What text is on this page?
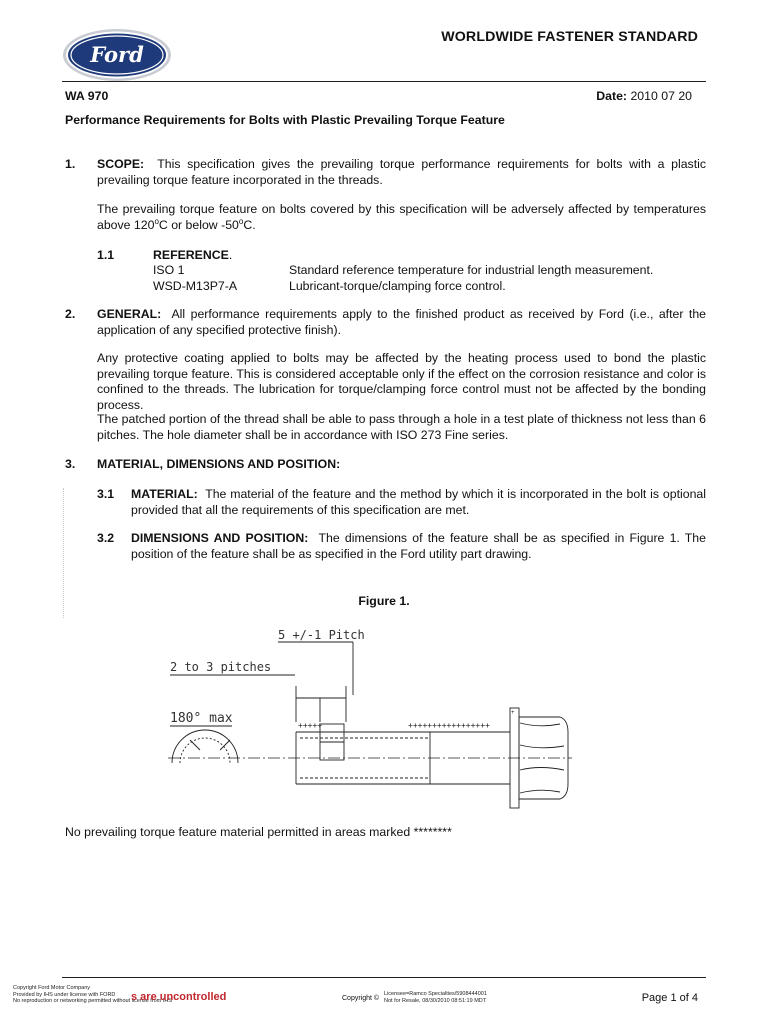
Ford
WORLDWIDE FASTENER STANDARD
WA 970	Date: 2010 07 20
Performance Requirements for Bolts with Plastic Prevailing Torque Feature
1. SCOPE: This specification gives the prevailing torque performance requirements for bolts with a plastic prevailing torque feature incorporated in the threads.
The prevailing torque feature on bolts covered by this specification will be adversely affected by temperatures above 120$^o$C or below -50$^o$C.
1.1	REFERENCE.
ISO 1	Standard reference temperature for industrial length measurement.
WSD-M13P7-A	Lubricant-torque/clamping force control.
2. GENERAL: All performance requirements apply to the finished product as received by Ford (i.e., after the application of any specified protective finish).
Any protective coating applied to bolts may be affected by the heating process used to bond the plastic prevailing torque feature. This is considered acceptable only if the effect on the corrosion resistance and color is confined to the threads. The lubrication for torque/clamping force control must not be affected by the bonding process.
The patched portion of the thread shall be able to pass through a hole in a test plate of thickness not less than 6 pitches. The hole diameter shall be in accordance with ISO 273 Fine series.
3. MATERIAL, DIMENSIONS AND POSITION:
3.1 MATERIAL: The material of the feature and the method by which it is incorporated in the bolt is optional provided that all the requirements of this specification are met.
3.2 DIMENSIONS AND POSITION: The dimensions of the feature shall be as specified in Figure 1. The position of the feature shall be as specified in the Ford utility part drawing.
Figure 1.
5 +/-1 Pitch
2 to 3 pitches
180° max	+++++	+++++++++++++++++
+
No prevailing torque feature material permitted in areas marked ********
Copyright Ford Motor Company
Provided by IHS under license with FORD
No reproduction or networking permitted without license from IHS
s are uncontrolled	Copyright ©
Licensee=Ramco Specialties/5908444001
Not for Resale, 08/30/2010 08:51:19 MDT	Page 1 of 4
